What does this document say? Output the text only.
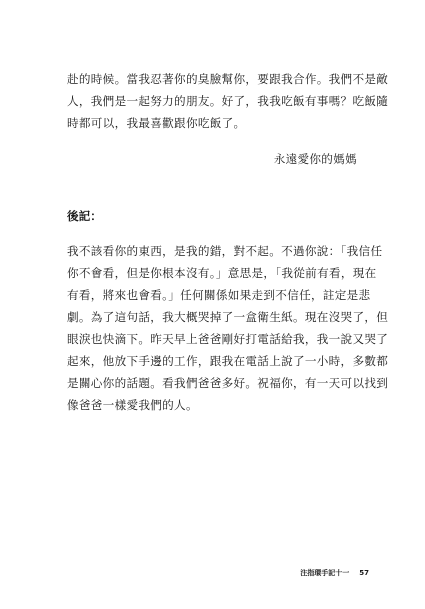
赴的時候。當我忍著你的臭臉幫你，要跟我合作。我們不是敵
人，我們是一起努力的朋友。好了，我我吃飯有事嗎？吃飯隨
時都可以，我最喜歡跟你吃飯了。
永遠愛你的媽媽
後記：
我不該看你的東西，是我的錯，對不起。不過你說：「我信任
你不會看，但是你根本沒有。」意思是，「我從前有看，現在
有看，將來也會看。」任何關係如果走到不信任，註定是悲
劇。為了這句話，我大概哭掉了一盒衛生紙。現在沒哭了，但
眼淚也快滴下。昨天早上爸爸剛好打電話給我，我一說又哭了
起來，他放下手邊的工作，跟我在電話上說了一小時，多數都
是關心你的話題。看我們爸爸多好。祝福你，有一天可以找到
像爸爸一樣愛我們的人。
注指環手記十一 57
